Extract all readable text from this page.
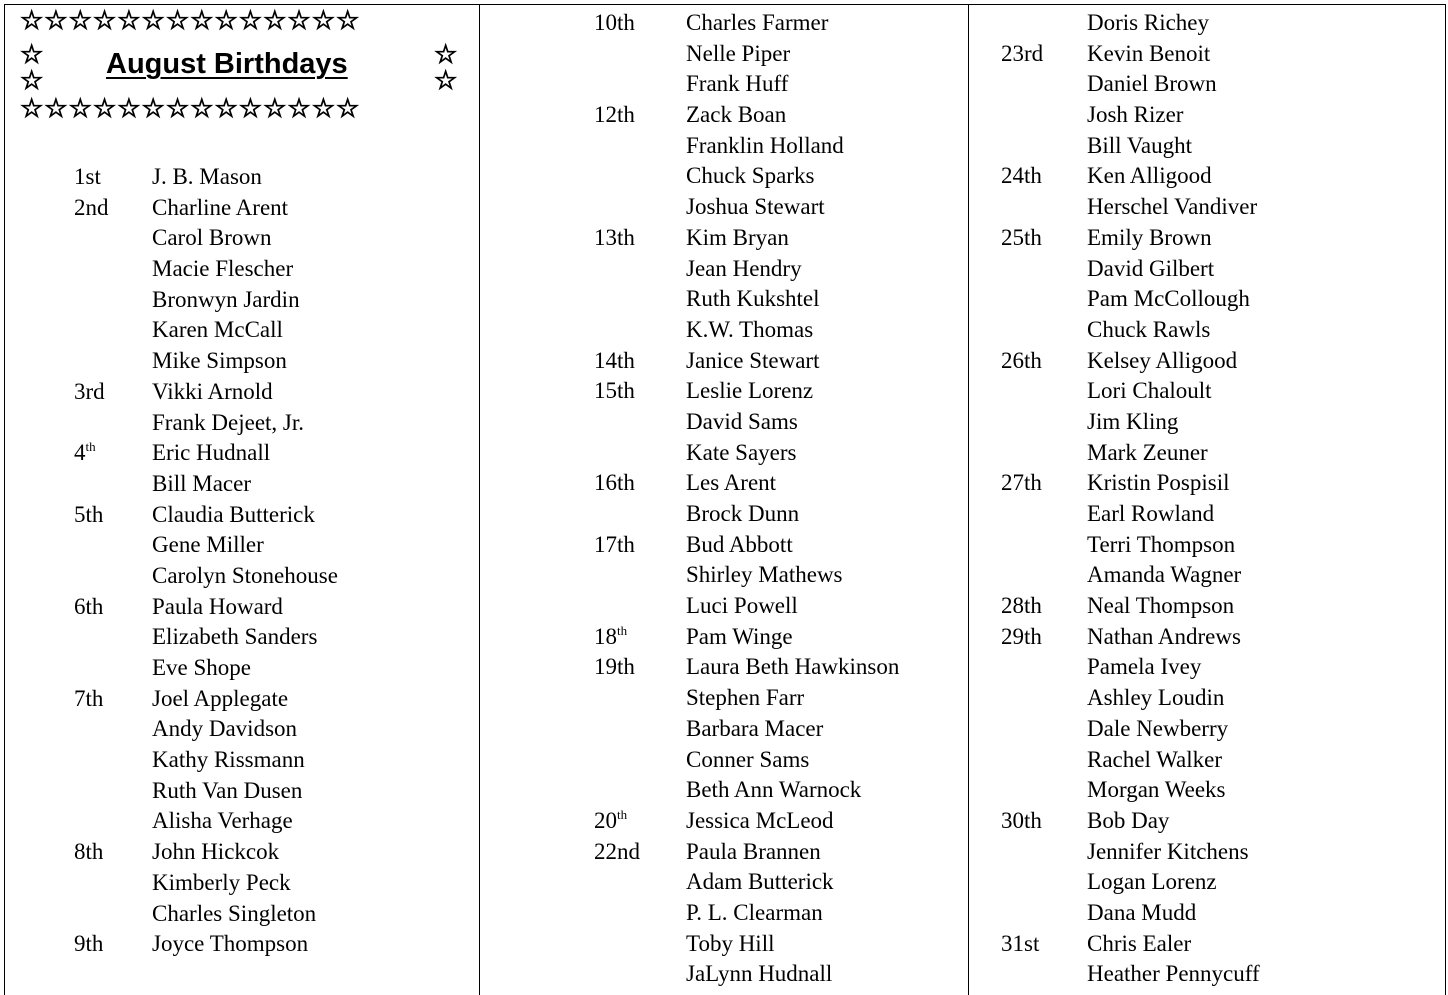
☆☆☆☆☆☆☆☆☆☆☆☆☆☆
☆
☆
☆
☆
August Birthdays
☆☆☆☆☆☆☆☆☆☆☆☆☆☆
1st J. B. Mason
2nd Charline Arent
Carol Brown
Macie Flescher
Bronwyn Jardin
Karen McCall
Mike Simpson
3rd Vikki Arnold
Frank Dejeet, Jr.
4th Eric Hudnall
Bill Macer
5th Claudia Butterick
Gene Miller
Carolyn Stonehouse
6th Paula Howard
Elizabeth Sanders
Eve Shope
7th Joel Applegate
Andy Davidson
Kathy Rissmann
Ruth Van Dusen
Alisha Verhage
8th John Hickcok
Kimberly Peck
Charles Singleton
9th Joyce Thompson
10th Charles Farmer
Nelle Piper
Frank Huff
12th Zack Boan
Franklin Holland
Chuck Sparks
Joshua Stewart
13th Kim Bryan
Jean Hendry
Ruth Kukshtel
K.W. Thomas
14th Janice Stewart
15th Leslie Lorenz
David Sams
Kate Sayers
16th Les Arent
Brock Dunn
17th Bud Abbott
Shirley Mathews
Luci Powell
18th	Pam Winge
19th Laura Beth Hawkinson
Stephen Farr
Barbara Macer
Conner Sams
Beth Ann Warnock
20th	Jessica McLeod
22nd Paula Brannen
Adam Butterick
P. L. Clearman
Toby Hill
JaLynn Hudnall
Doris Richey
23rd Kevin Benoit
Daniel Brown
Josh Rizer
Bill Vaught
24th Ken Alligood
Herschel Vandiver
25th Emily Brown
David Gilbert
Pam McCollough
Chuck Rawls
26th Kelsey Alligood
Lori Chaloult
Jim Kling
Mark Zeuner
27th Kristin Pospisil
Earl Rowland
Terri Thompson
Amanda Wagner
28th Neal Thompson
29th Nathan Andrews
Pamela Ivey
Ashley Loudin
Dale Newberry
Rachel Walker
Morgan Weeks
30th Bob Day
Jennifer Kitchens
Logan Lorenz
Dana Mudd
31st Chris Ealer
Heather Pennycuff
